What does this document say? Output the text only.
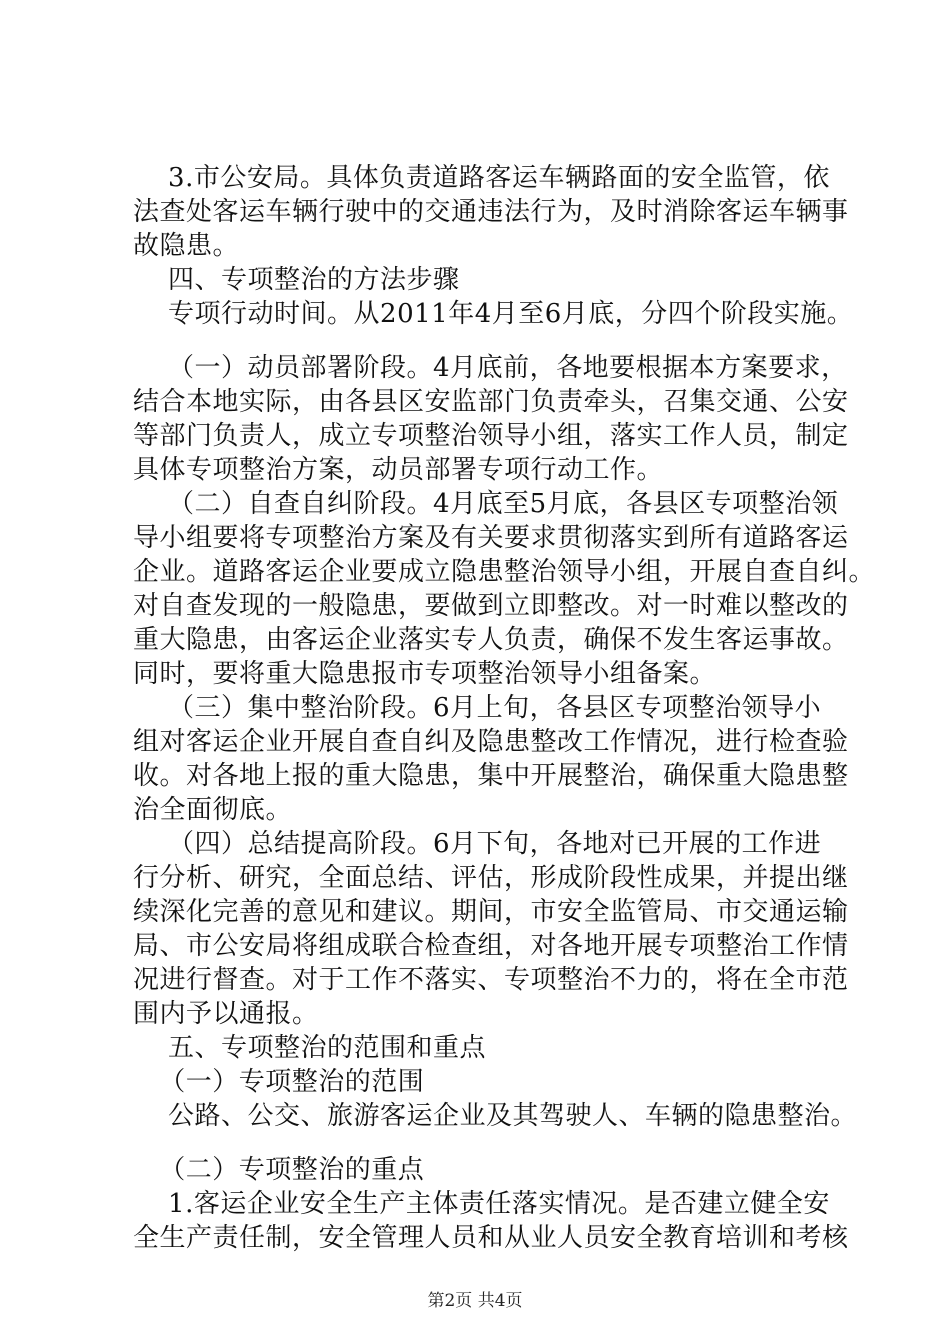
3.市公安局。具体负责道路客运车辆路面的安全监管，依
法查处客运车辆行驶中的交通违法行为，及时消除客运车辆事
故隐患。
四、专项整治的方法步骤
专项行动时间。从2011年4月至6月底，分四个阶段实施。
（一）动员部署阶段。4月底前，各地要根据本方案要求，
结合本地实际，由各县区安监部门负责牵头，召集交通、公安
等部门负责人，成立专项整治领导小组，落实工作人员，制定
具体专项整治方案，动员部署专项行动工作。
（二）自查自纠阶段。4月底至5月底，各县区专项整治领
导小组要将专项整治方案及有关要求贯彻落实到所有道路客运
企业。道路客运企业要成立隐患整治领导小组，开展自查自纠。
对自查发现的一般隐患，要做到立即整改。对一时难以整改的
重大隐患，由客运企业落实专人负责，确保不发生客运事故。
同时，要将重大隐患报市专项整治领导小组备案。
（三）集中整治阶段。6月上旬，各县区专项整治领导小
组对客运企业开展自查自纠及隐患整改工作情况，进行检查验
收。对各地上报的重大隐患，集中开展整治，确保重大隐患整
治全面彻底。
（四）总结提高阶段。6月下旬，各地对已开展的工作进
行分析、研究，全面总结、评估，形成阶段性成果，并提出继
续深化完善的意见和建议。期间，市安全监管局、市交通运输
局、市公安局将组成联合检查组，对各地开展专项整治工作情
况进行督查。对于工作不落实、专项整治不力的，将在全市范
围内予以通报。
五、专项整治的范围和重点
（一）专项整治的范围
公路、公交、旅游客运企业及其驾驶人、车辆的隐患整治。
（二）专项整治的重点
1.客运企业安全生产主体责任落实情况。是否建立健全安
全生产责任制，安全管理人员和从业人员安全教育培训和考核
第2页 共4页
